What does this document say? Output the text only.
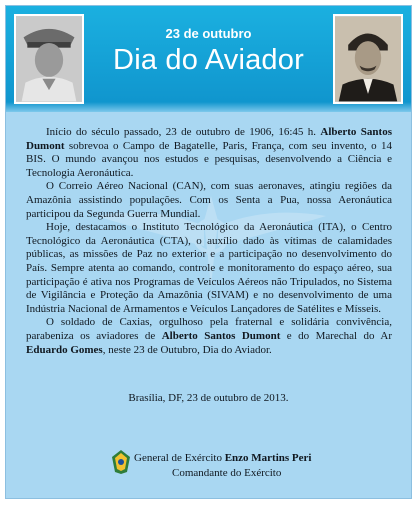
23 de outubro
Dia do Aviador

Início do século passado, 23 de outubro de 1906, 16:45 h. Alberto Santos Dumont sobrevoa o Campo de Bagatelle, Paris, França, com seu invento, o 14 BIS. O mundo avançou nos estudos e pesquisas, desenvolvendo a Ciência e Tecnologia Aeronáutica.

O Correio Aéreo Nacional (CAN), com suas aeronaves, atingiu regiões da Amazônia assistindo populações. Com os Senta a Pua, nossa Aeronáutica participou da Segunda Guerra Mundial.

Hoje, destacamos o Instituto Tecnológico da Aeronáutica (ITA), o Centro Tecnológico da Aeronáutica (CTA), o auxílio dado às vítimas de calamidades públicas, as missões de Paz no exterior e a participação no desenvolvimento do País. Sempre atenta ao comando, controle e monitoramento do espaço aéreo, sua participação é ativa nos Programas de Veículos Aéreos não Tripulados, no Sistema de Vigilância e Proteção da Amazônia (SIVAM) e no desenvolvimento de uma Indústria Nacional de Armamentos e Veículos Lançadores de Satélites e Mísseis.

O soldado de Caxias, orgulhoso pela fraternal e solidária convivência, parabeniza os aviadores de Alberto Santos Dumont e do Marechal do Ar Eduardo Gomes, neste 23 de Outubro, Dia do Aviador.

Brasília, DF, 23 de outubro de 2013.
General de Exército Enzo Martins Peri
Comandante do Exército
